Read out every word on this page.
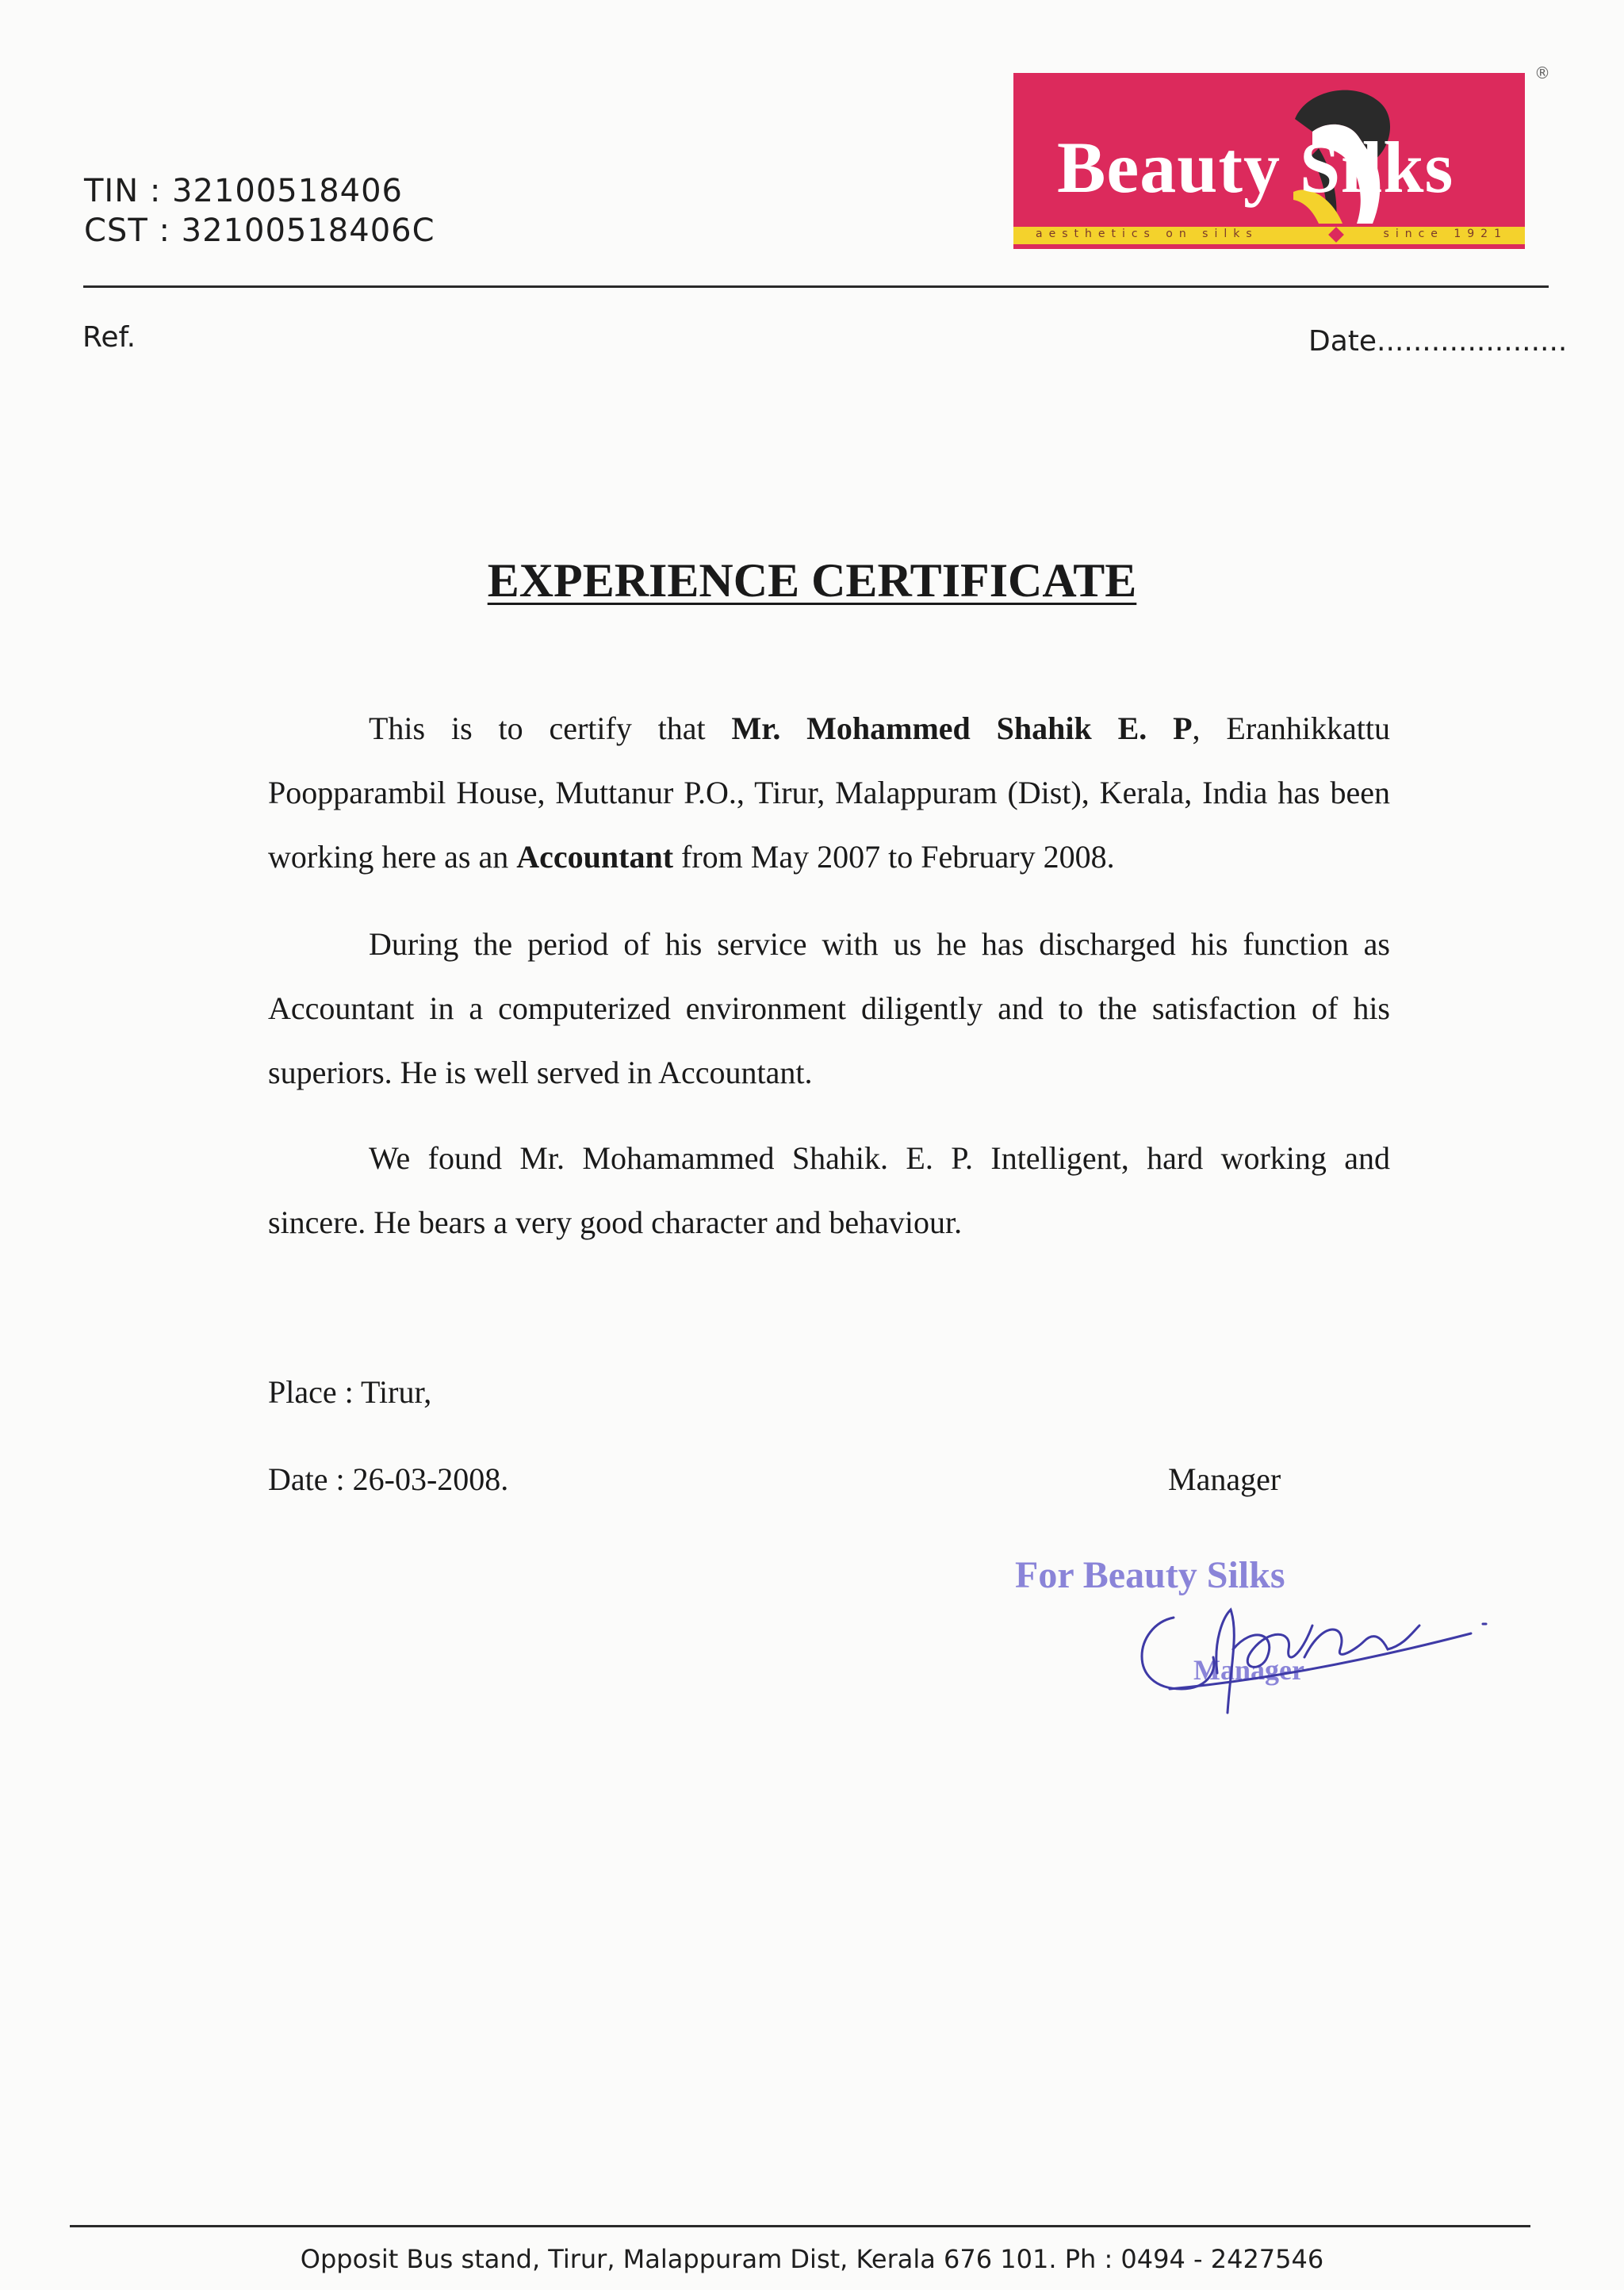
TIN : 32100518406
CST : 32100518406C
Beauty Silks
aesthetics on silks	since 1921
®
Ref.	Date.....................
EXPERIENCE CERTIFICATE
This is to certify that Mr. Mohammed Shahik E. P, Eranhikkattu Poopparambil House, Muttanur P.O., Tirur, Malappuram (Dist), Kerala, India has been working here as an Accountant from May 2007 to February 2008.
During the period of his service with us he has discharged his function as Accountant in a computerized environment diligently and to the satisfaction of his superiors. He is well served in Accountant.
We found Mr. Mohamammed Shahik. E. P. Intelligent, hard working and sincere. He bears a very good character and behaviour.
Place : Tirur,
Date : 26-03-2008.	Manager
For Beauty Silks
Manager
Opposit Bus stand, Tirur, Malappuram Dist, Kerala 676 101. Ph : 0494 - 2427546
